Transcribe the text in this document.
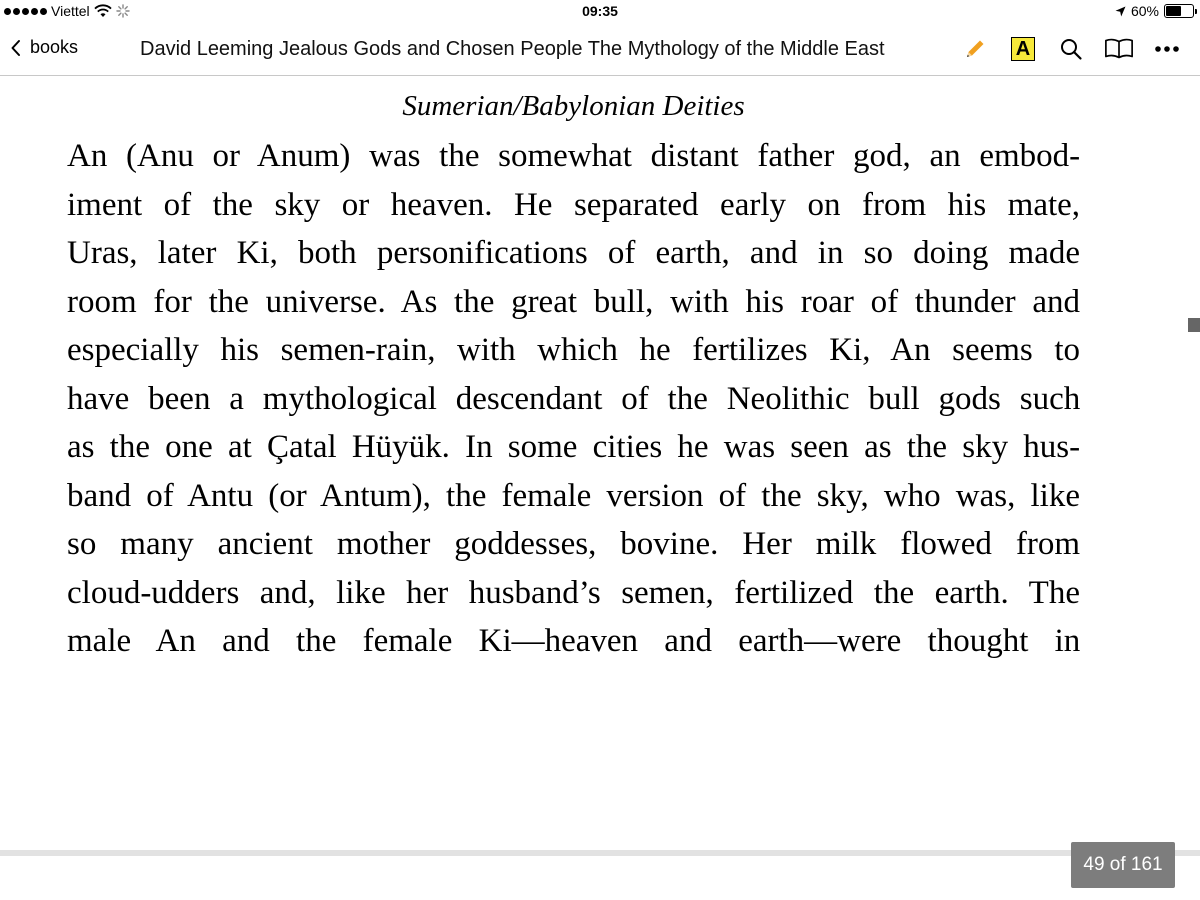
Viettel	09:35	60%
books	David Leeming Jealous Gods and Chosen People The Mythology of the Middle East	A
Sumerian/Babylonian Deities
An (Anu or Anum) was the somewhat distant father god, an embod-
iment of the sky or heaven. He separated early on from his mate,
Uras, later Ki, both personifications of earth, and in so doing made
room for the universe. As the great bull, with his roar of thunder and
especially his semen-rain, with which he fertilizes Ki, An seems to
have been a mythological descendant of the Neolithic bull gods such
as the one at Çatal Hüyük. In some cities he was seen as the sky hus-
band of Antu (or Antum), the female version of the sky, who was, like
so many ancient mother goddesses, bovine. Her milk flowed from
cloud-udders and, like her husband’s semen, fertilized the earth. The
male An and the female Ki—heaven and earth—were thought in
49 of 161
